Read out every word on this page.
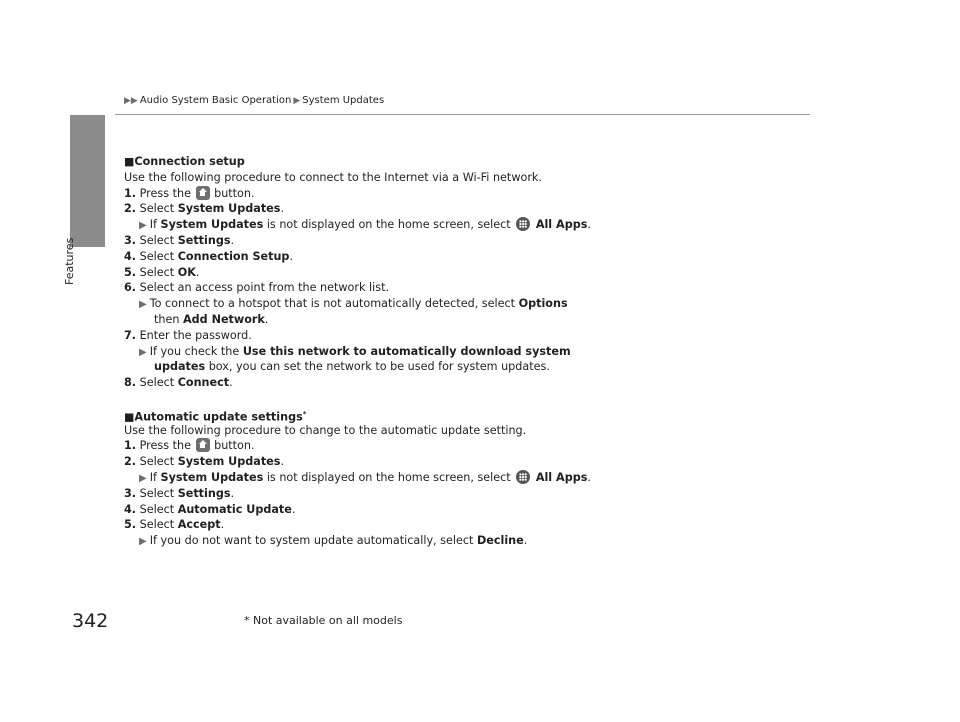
Features
▶▶ Audio System Basic Operation ▶ System Updates
■Connection setup
Use the following procedure to connect to the Internet via a Wi-Fi network.
1. Press the button.
2. Select System Updates.
▶ If System Updates is not displayed on the home screen, select All Apps.
3. Select Settings.
4. Select Connection Setup.
5. Select OK.
6. Select an access point from the network list.
▶ To connect to a hotspot that is not automatically detected, select Options
then Add Network.
7. Enter the password.
▶ If you check the Use this network to automatically download system
updates box, you can set the network to be used for system updates.
8. Select Connect.
■Automatic update settings*
Use the following procedure to change to the automatic update setting.
1. Press the button.
2. Select System Updates.
▶ If System Updates is not displayed on the home screen, select All Apps.
3. Select Settings.
4. Select Automatic Update.
5. Select Accept.
▶ If you do not want to system update automatically, select Decline.
342	* Not available on all models
